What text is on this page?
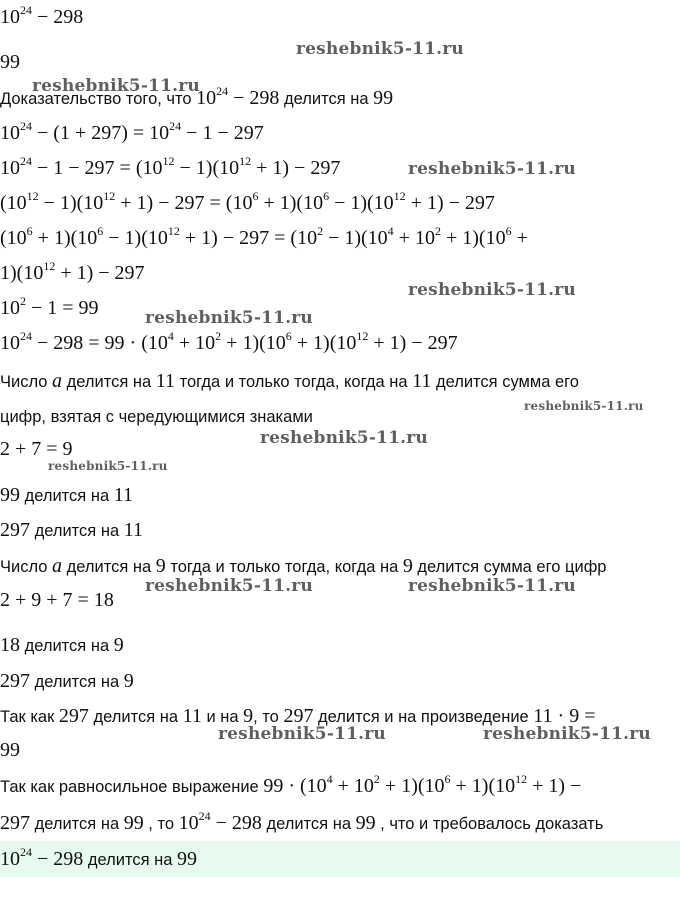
$10^{24} - 298$
99
Доказательство того, что $10^{24} - 298$ делится на 99
$10^{24} - (1 + 297) = 10^{24} - 1 - 297$
$10^{24} - 1 - 297 = (10^{12} - 1)(10^{12} + 1) - 297$
$(10^{12} - 1)(10^{12} + 1) - 297 = (10^6 + 1)(10^6 - 1)(10^{12} + 1) - 297$
$(10^6 + 1)(10^6 - 1)(10^{12} + 1) - 297 = (10^2 - 1)(10^4 + 10^2 + 1)(10^6$ +
$1)(10^{12} + 1) - 297$
$10^2 - 1 = 99$
$10^{24} - 298 = 99 \cdot (10^4 + 10^2 + 1)(10^6 + 1)(10^{12} + 1) - 297$
Число a делится на 11 тогда и только тогда, когда на 11 делится сумма его
цифр, взятая с чередующимися знаками
2 + 7 = 9
99 делится на 11
297 делится на 11
Число a делится на 9 тогда и только тогда, когда на 9 делится сумма его цифр
2 + 9 + 7 = 18
18 делится на 9
297 делится на 9
Так как 297 делится на 11 и на 9, то 297 делится и на произведение 11 · 9 =
99
Так как равносильное выражение $99 \cdot (10^4 + 10^2 + 1)(10^6 + 1)(10^{12} + 1)$ −
297 делится на 99 , то $10^{24} - 298$ делится на 99 , что и требовалось доказать
$10^{24} - 298$ делится на 99
reshebnik5-11.ru
reshebnik5-11.ru
reshebnik5-11.ru
reshebnik5-11.ru
reshebnik5-11.ru
reshebnik5-11.ru
reshebnik5-11.ru
reshebnik5-11.ru
reshebnik5-11.ru	reshebnik5-11.ru
reshebnik5-11.ru	reshebnik5-11.ru
